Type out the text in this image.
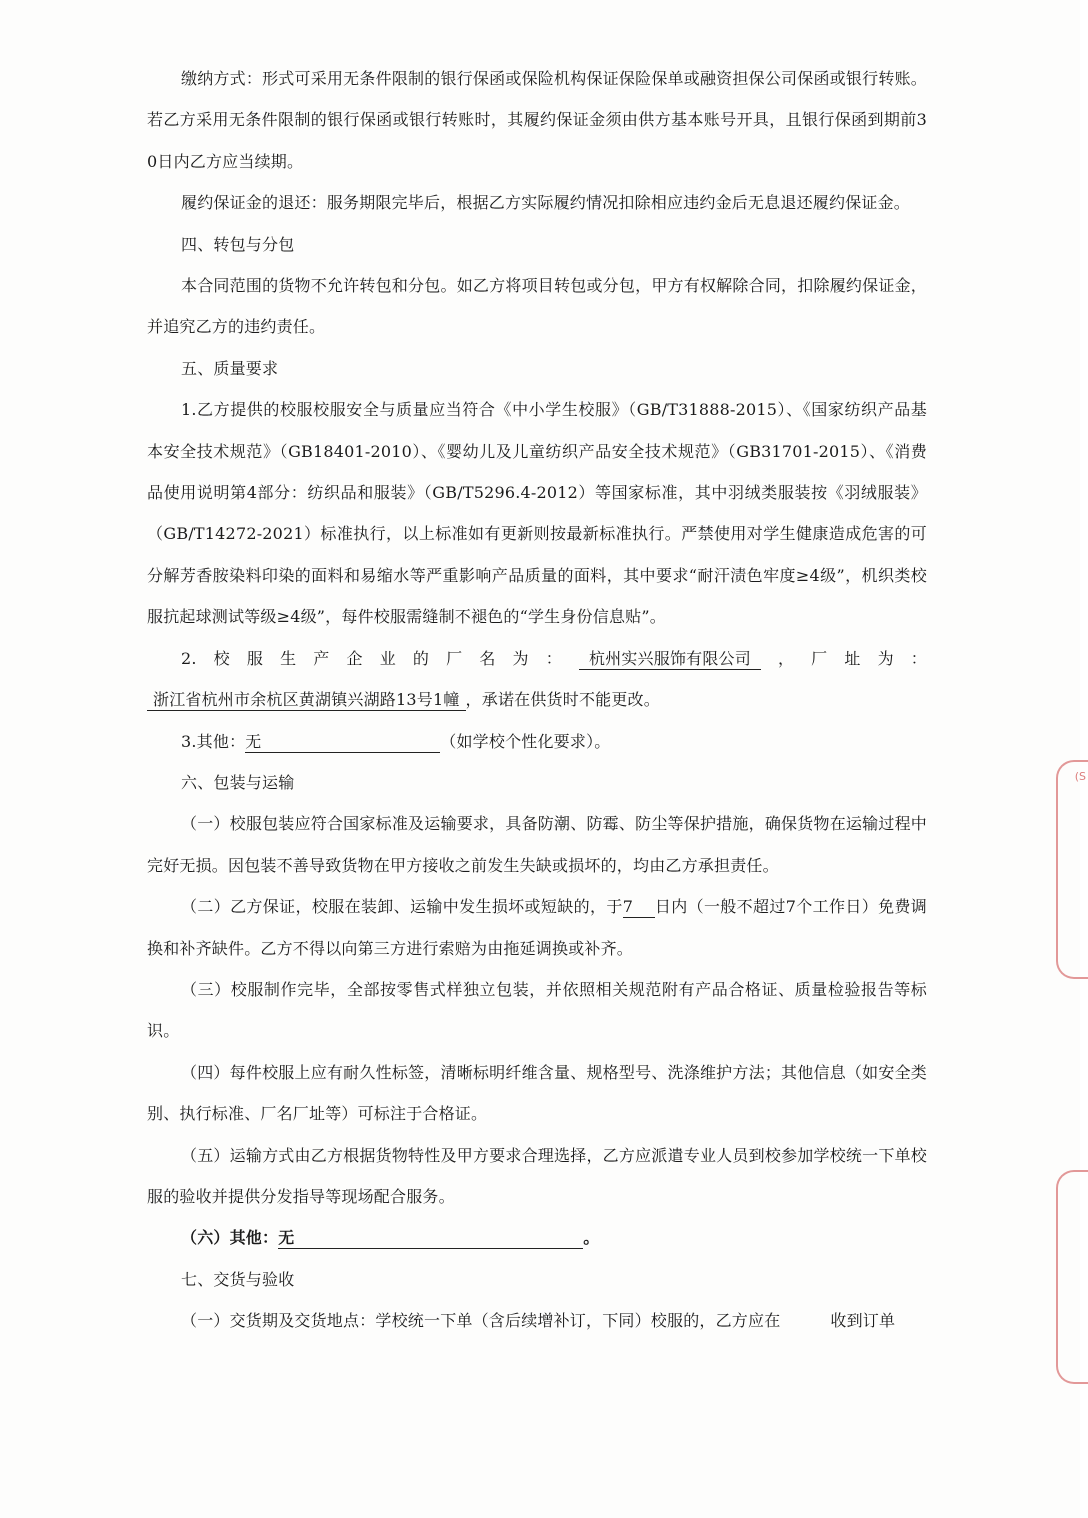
缴纳方式：形式可采用无条件限制的银行保函或保险机构保证保险保单或融资担保公司保函或银行转账。若乙方采用无条件限制的银行保函或银行转账时，其履约保证金须由供方基本账号开具，且银行保函到期前30日内乙方应当续期。

履约保证金的退还：服务期限完毕后，根据乙方实际履约情况扣除相应违约金后无息退还履约保证金。

四、转包与分包

本合同范围的货物不允许转包和分包。如乙方将项目转包或分包，甲方有权解除合同，扣除履约保证金，并追究乙方的违约责任。

五、质量要求

1.乙方提供的校服校服安全与质量应当符合《中小学生校服》（GB/T31888-2015）、《国家纺织产品基本安全技术规范》（GB18401-2010）、《婴幼儿及儿童纺织产品安全技术规范》（GB31701-2015）、《消费品使用说明第4部分：纺织品和服装》（GB/T5296.4-2012）等国家标准，其中羽绒类服装按《羽绒服装》（GB/T14272-2021）标准执行，以上标准如有更新则按最新标准执行。严禁使用对学生健康造成危害的可分解芳香胺染料印染的面料和易缩水等严重影响产品质量的面料，其中要求“耐汗渍色牢度≥4级”，机织类校服抗起球测试等级≥4级”，每件校服需缝制不褪色的“学生身份信息贴”。

2.校服生产企业的厂名为： 杭州实兴服饰有限公司 ，厂址为：浙江省杭州市余杭区黄湖镇兴湖路13号1幢 ，承诺在供货时不能更改。

3.其他：无	（如学校个性化要求）。

六、包装与运输

（一）校服包装应符合国家标准及运输要求，具备防潮、防霉、防尘等保护措施，确保货物在运输过程中完好无损。因包装不善导致货物在甲方接收之前发生失缺或损坏的，均由乙方承担责任。

（二）乙方保证，校服在装卸、运输中发生损坏或短缺的，于7 日内（一般不超过7个工作日）免费调换和补齐缺件。乙方不得以向第三方进行索赔为由拖延调换或补齐。

（三）校服制作完毕，全部按零售式样独立包装，并依照相关规范附有产品合格证、质量检验报告等标识。

（四）每件校服上应有耐久性标签，清晰标明纤维含量、规格型号、洗涤维护方法；其他信息（如安全类别、执行标准、厂名厂址等）可标注于合格证。

（五）运输方式由乙方根据货物特性及甲方要求合理选择，乙方应派遣专业人员到校参加学校统一下单校服的验收并提供分发指导等现场配合服务。

（六）其他：无	。

七、交货与验收

（一）交货期及交货地点：学校统一下单（含后续增补订，下同）校服的，乙方应在	收到订单

(S
